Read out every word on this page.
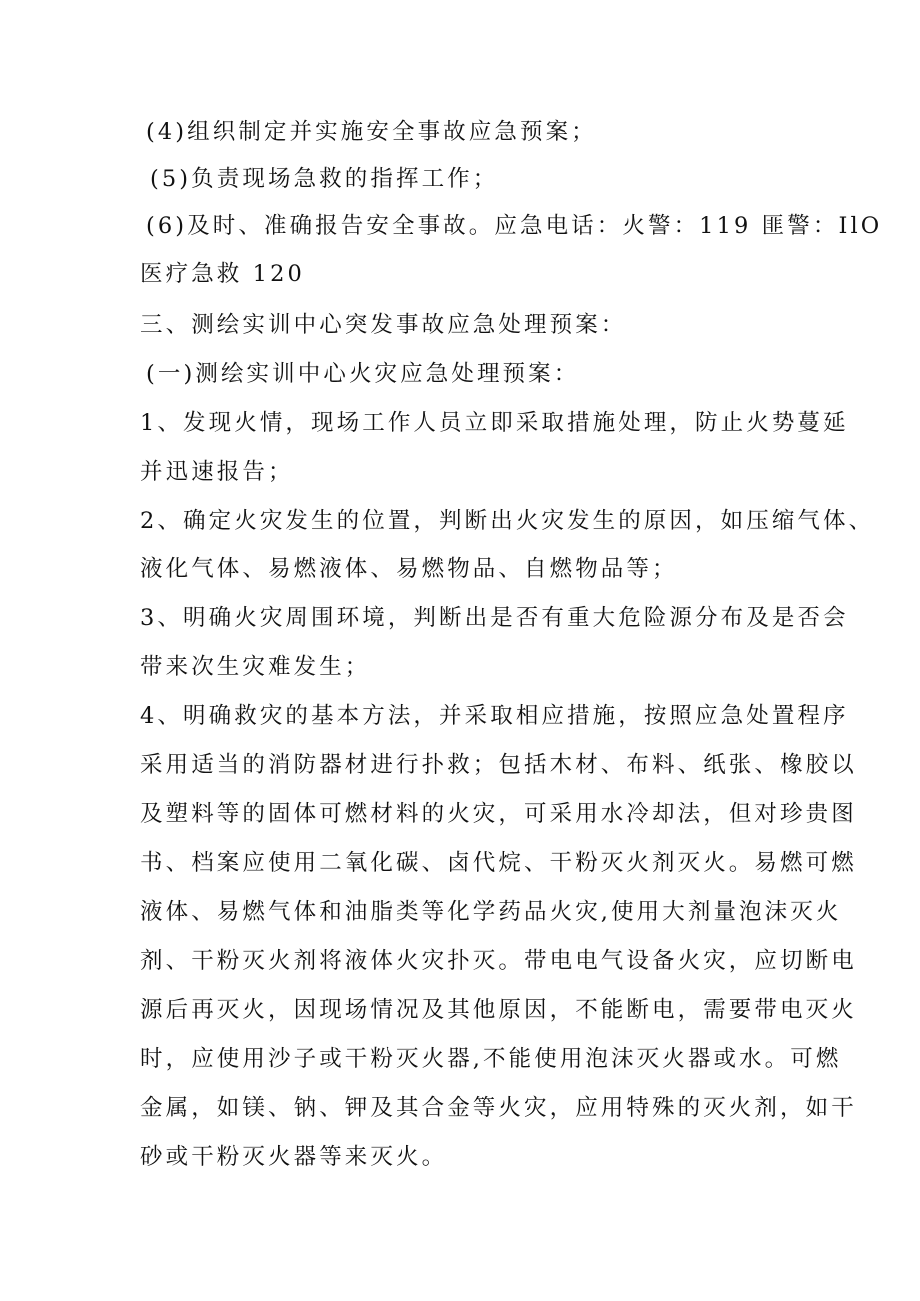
(4)组织制定并实施安全事故应急预案；
(5)负责现场急救的指挥工作；
(6)及时、准确报告安全事故。应急电话：火警：119 匪警：IlO
医疗急救 120
三、测绘实训中心突发事故应急处理预案：
(一)测绘实训中心火灾应急处理预案：
1、发现火情，现场工作人员立即采取措施处理，防止火势蔓延
并迅速报告；
2、确定火灾发生的位置，判断出火灾发生的原因，如压缩气体、
液化气体、易燃液体、易燃物品、自燃物品等；
3、明确火灾周围环境，判断出是否有重大危险源分布及是否会
带来次生灾难发生；
4、明确救灾的基本方法，并采取相应措施，按照应急处置程序
采用适当的消防器材进行扑救；包括木材、布料、纸张、橡胶以
及塑料等的固体可燃材料的火灾，可采用水冷却法，但对珍贵图
书、档案应使用二氧化碳、卤代烷、干粉灭火剂灭火。易燃可燃
液体、易燃气体和油脂类等化学药品火灾,使用大剂量泡沫灭火
剂、干粉灭火剂将液体火灾扑灭。带电电气设备火灾，应切断电
源后再灭火，因现场情况及其他原因，不能断电，需要带电灭火
时，应使用沙子或干粉灭火器,不能使用泡沫灭火器或水。可燃
金属，如镁、钠、钾及其合金等火灾，应用特殊的灭火剂，如干
砂或干粉灭火器等来灭火。
